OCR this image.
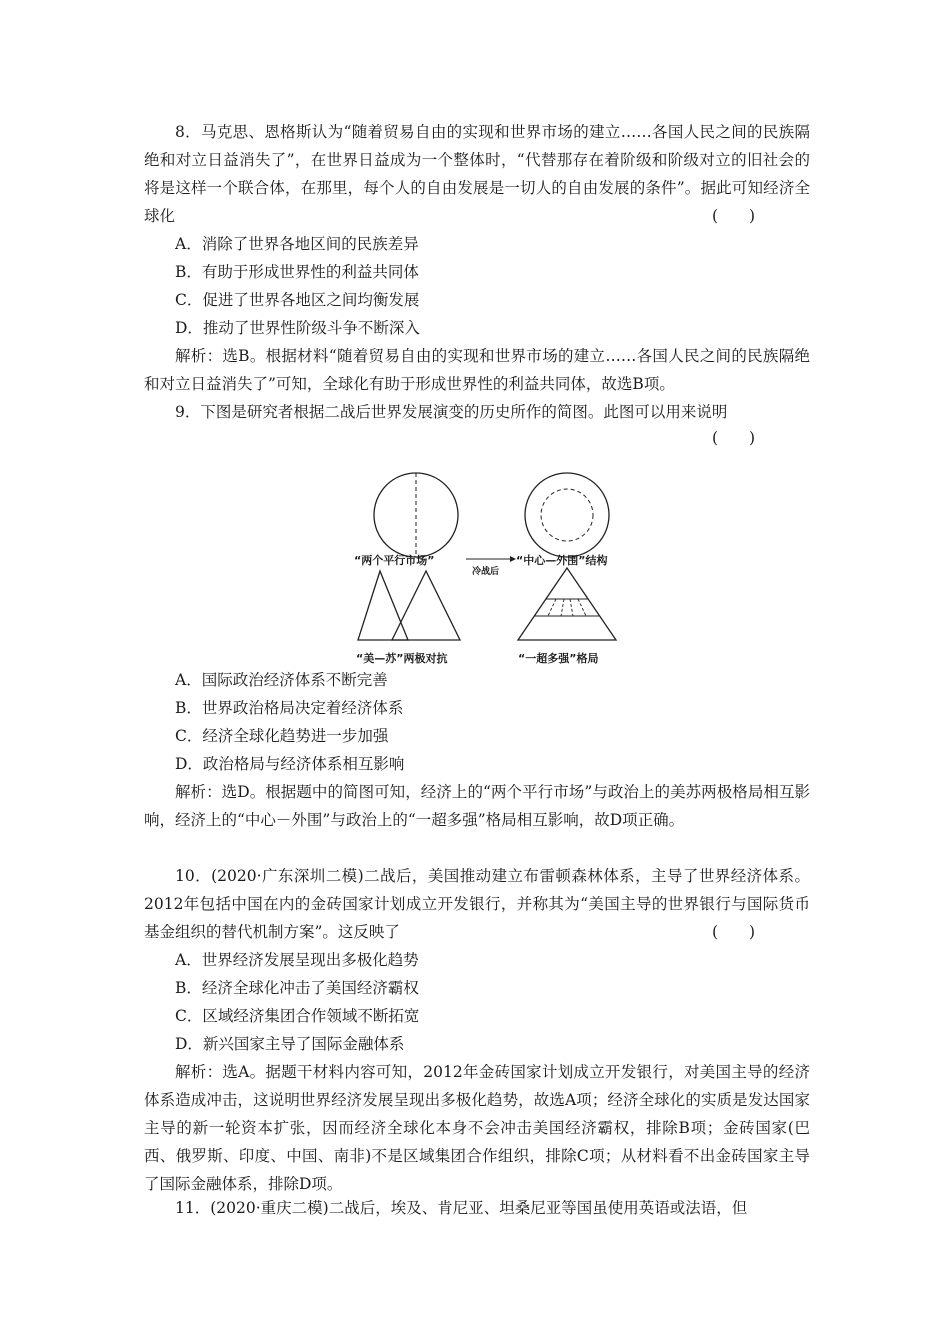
8．马克思、恩格斯认为“随着贸易自由的实现和世界市场的建立……各国人民之间的民族隔绝和对立日益消失了”，在世界日益成为一个整体时，“代替那存在着阶级和阶级对立的旧社会的将是这样一个联合体，在那里，每个人的自由发展是一切人的自由发展的条件”。据此可知经济全球化	(　　)

A．消除了世界各地区间的民族差异

B．有助于形成世界性的利益共同体

C．促进了世界各地区之间均衡发展

D．推动了世界性阶级斗争不断深入

解析：选B。根据材料“随着贸易自由的实现和世界市场的建立……各国人民之间的民族隔绝和对立日益消失了”可知，全球化有助于形成世界性的利益共同体，故选B项。

9．下图是研究者根据二战后世界发展演变的历史所作的简图。此图可以用来说明

(　　)
“两个平行市场”
冷战后
“中心—外围”结构
“美—苏”两极对抗	“一超多强”格局

A．国际政治经济体系不断完善

B．世界政治格局决定着经济体系

C．经济全球化趋势进一步加强

D．政治格局与经济体系相互影响

解析：选D。根据题中的简图可知，经济上的“两个平行市场”与政治上的美苏两极格局相互影响，经济上的“中心－外围”与政治上的“一超多强”格局相互影响，故D项正确。

10．(2020·广东深圳二模)二战后，美国推动建立布雷顿森林体系，主导了世界经济体系。2012年包括中国在内的金砖国家计划成立开发银行，并称其为“美国主导的世界银行与国际货币基金组织的替代机制方案”。这反映了	(　　)

A．世界经济发展呈现出多极化趋势

B．经济全球化冲击了美国经济霸权

C．区域经济集团合作领域不断拓宽

D．新兴国家主导了国际金融体系

解析：选A。据题干材料内容可知，2012年金砖国家计划成立开发银行，对美国主导的经济体系造成冲击，这说明世界经济发展呈现出多极化趋势，故选A项；经济全球化的实质是发达国家主导的新一轮资本扩张，因而经济全球化本身不会冲击美国经济霸权，排除B项；金砖国家(巴西、俄罗斯、印度、中国、南非)不是区域集团合作组织，排除C项；从材料看不出金砖国家主导了国际金融体系，排除D项。

11．(2020·重庆二模)二战后，埃及、肯尼亚、坦桑尼亚等国虽使用英语或法语，但
